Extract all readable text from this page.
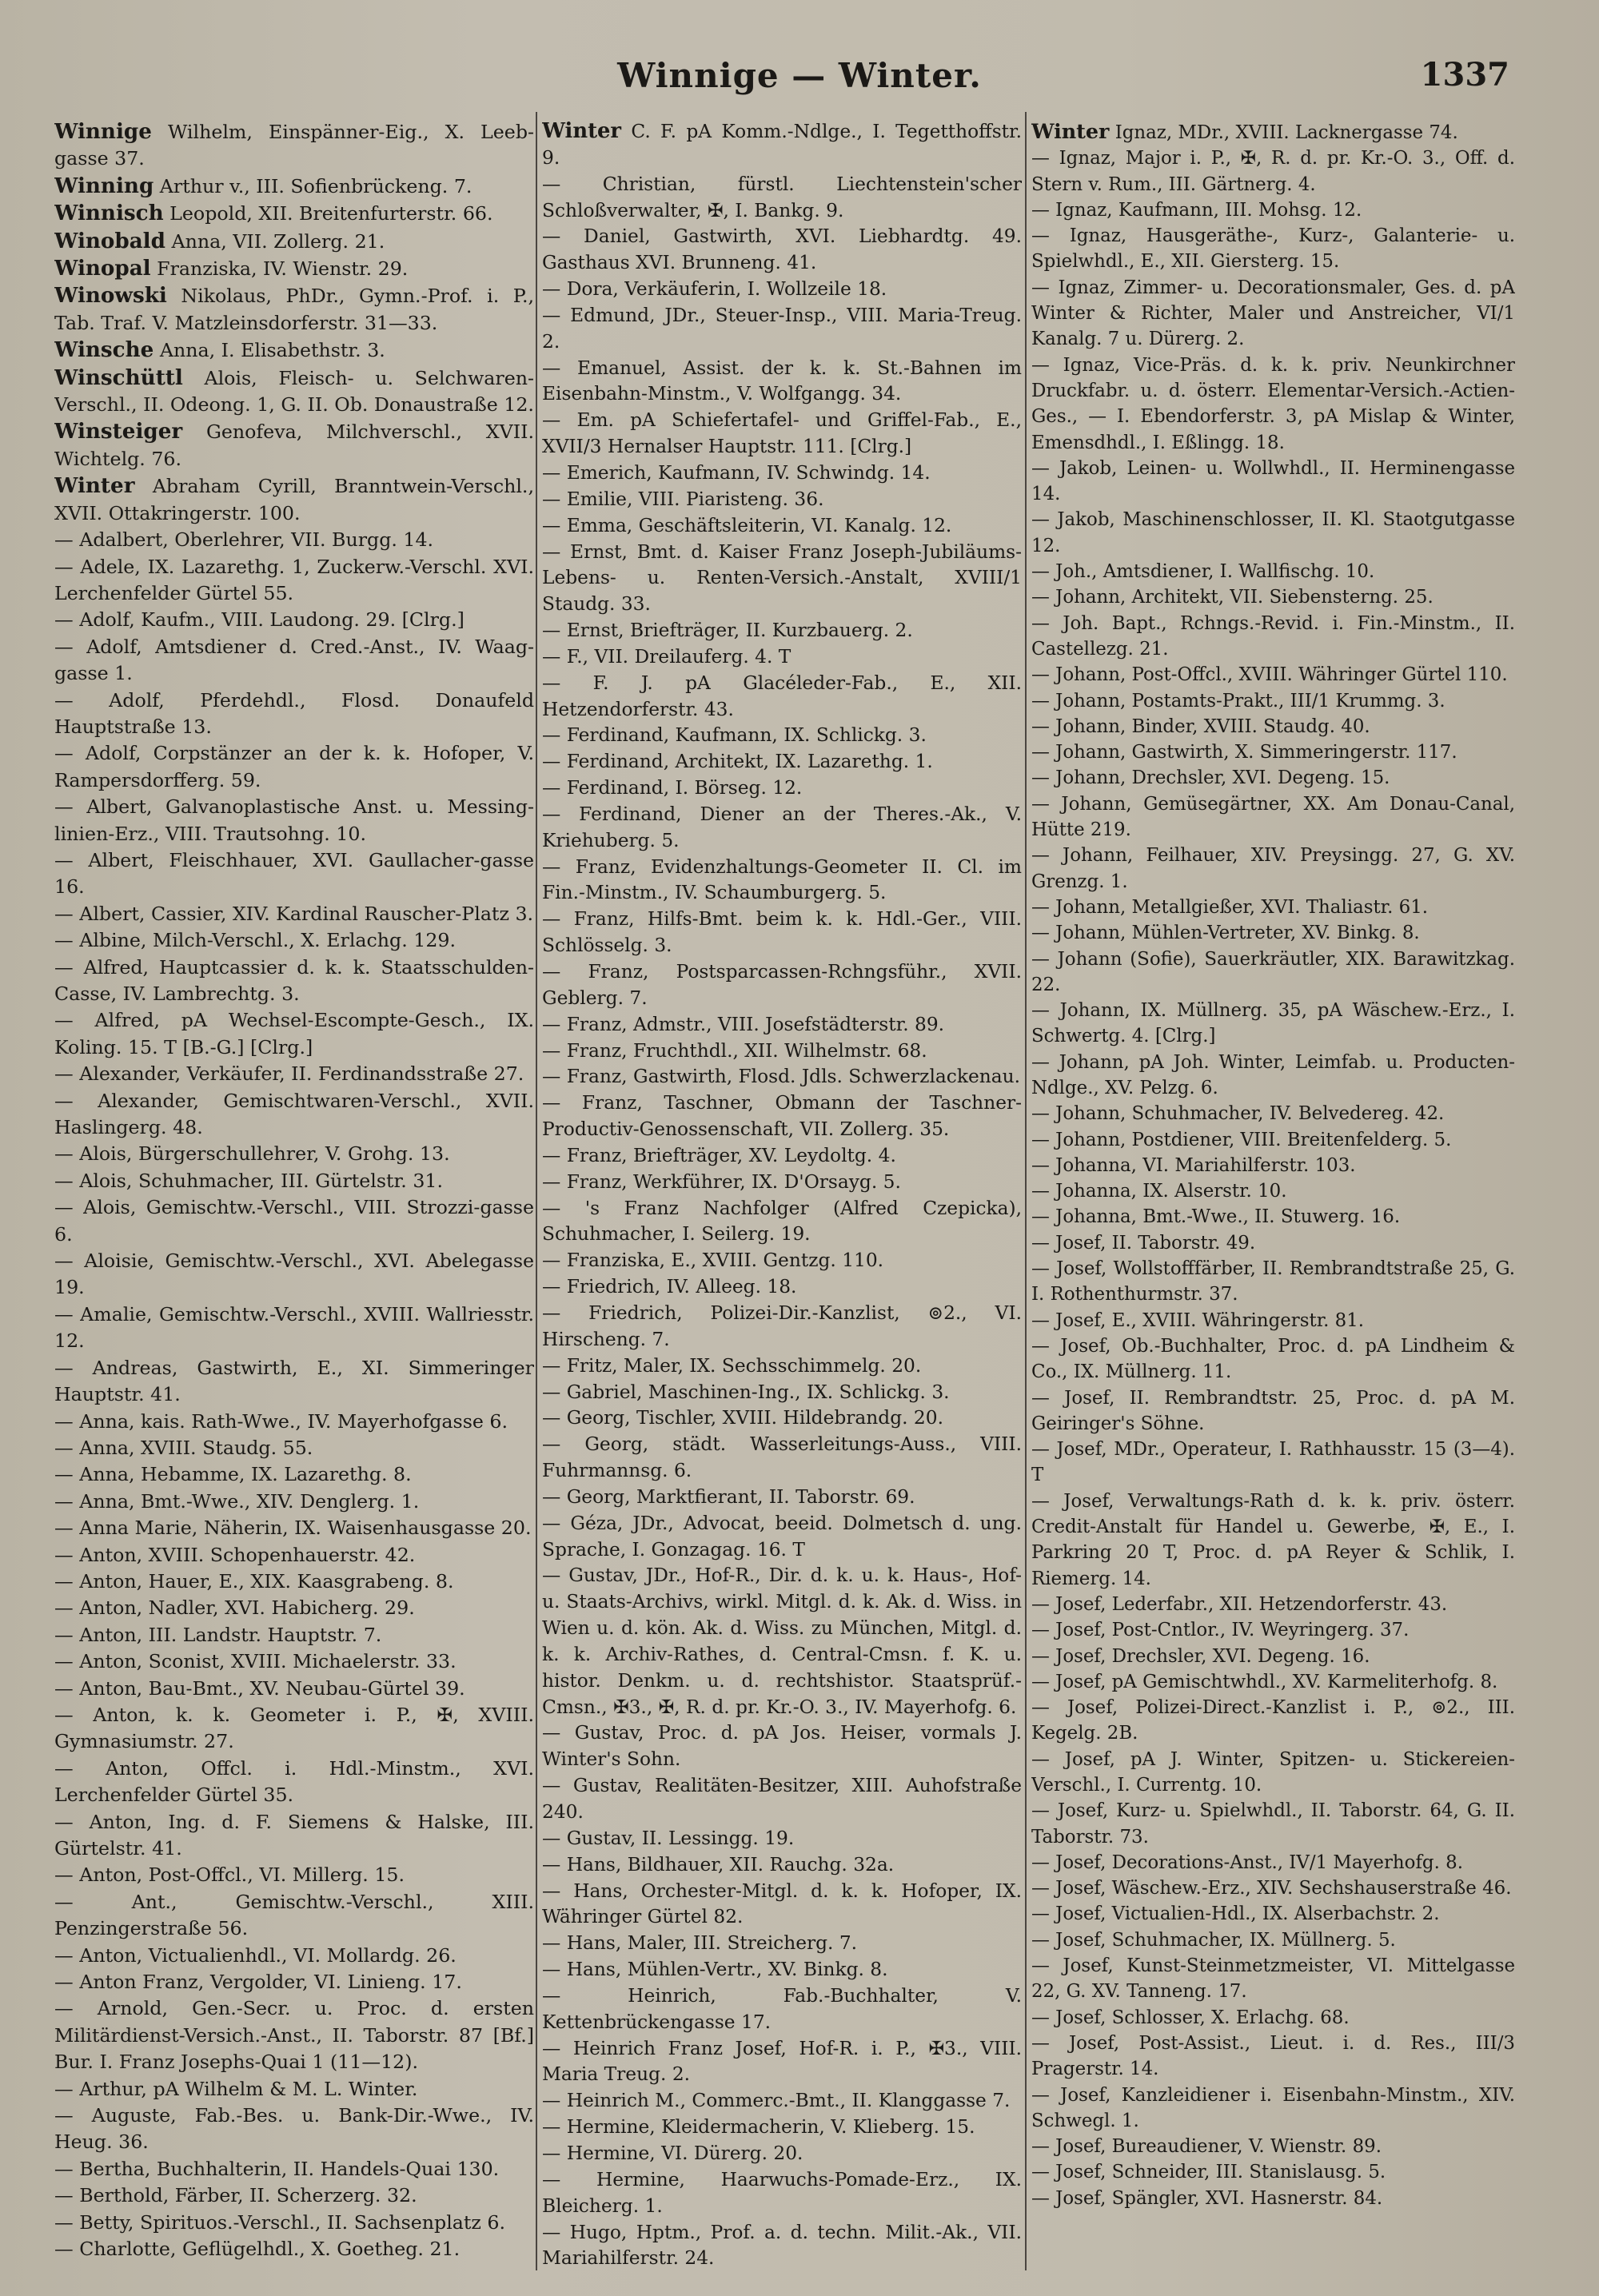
Winnige — Winter.	1337
Winnige Wilhelm, Einspänner-Eig., X. Leeb-gasse 37.
Winning Arthur v., III. Sofienbrückeng. 7.
Winnisch Leopold, XII. Breitenfurterstr. 66.
Winobald Anna, VII. Zollerg. 21.
Winopal Franziska, IV. Wienstr. 29.
Winowski Nikolaus, PhDr., Gymn.-Prof. i. P., Tab. Traf. V. Matzleinsdorferstr. 31—33.
Winsche Anna, I. Elisabethstr. 3.
Winschüttl Alois, Fleisch- u. Selchwaren-Verschl., II. Odeong. 1, G. II. Ob. Donaustraße 12.
Winsteiger Genofeva, Milchverschl., XVII. Wichtelg. 76.
Winter Abraham Cyrill, Branntwein-Verschl., XVII. Ottakringerstr. 100.
— Adalbert, Oberlehrer, VII. Burgg. 14.
— Adele, IX. Lazarethg. 1, Zuckerw.-Verschl. XVI. Lerchenfelder Gürtel 55.
— Adolf, Kaufm., VIII. Laudong. 29. [Clrg.]
— Adolf, Amtsdiener d. Cred.-Anst., IV. Waag-gasse 1.
— Adolf, Pferdehdl., Flosd. Donaufeld Hauptstraße 13.
— Adolf, Corpstänzer an der k. k. Hofoper, V. Rampersdorfferg. 59.
— Albert, Galvanoplastische Anst. u. Messing-linien-Erz., VIII. Trautsohng. 10.
— Albert, Fleischhauer, XVI. Gaullacher-gasse 16.
— Albert, Cassier, XIV. Kardinal Rauscher-Platz 3.
— Albine, Milch-Verschl., X. Erlachg. 129.
— Alfred, Hauptcassier d. k. k. Staatsschulden-Casse, IV. Lambrechtg. 3.
— Alfred, pA Wechsel-Escompte-Gesch., IX. Koling. 15. T [B.-G.] [Clrg.]
— Alexander, Verkäufer, II. Ferdinandsstraße 27.
— Alexander, Gemischtwaren-Verschl., XVII. Haslingerg. 48.
— Alois, Bürgerschullehrer, V. Grohg. 13.
— Alois, Schuhmacher, III. Gürtelstr. 31.
— Alois, Gemischtw.-Verschl., VIII. Strozzi-gasse 6.
— Aloisie, Gemischtw.-Verschl., XVI. Abelegasse 19.
— Amalie, Gemischtw.-Verschl., XVIII. Wallriesstr. 12.
— Andreas, Gastwirth, E., XI. Simmeringer Hauptstr. 41.
— Anna, kais. Rath-Wwe., IV. Mayerhofgasse 6.
— Anna, XVIII. Staudg. 55.
— Anna, Hebamme, IX. Lazarethg. 8.
— Anna, Bmt.-Wwe., XIV. Denglerg. 1.
— Anna Marie, Näherin, IX. Waisenhausgasse 20.
— Anton, XVIII. Schopenhauerstr. 42.
— Anton, Hauer, E., XIX. Kaasgrabeng. 8.
— Anton, Nadler, XVI. Habicherg. 29.
— Anton, III. Landstr. Hauptstr. 7.
— Anton, Sconist, XVIII. Michaelerstr. 33.
— Anton, Bau-Bmt., XV. Neubau-Gürtel 39.
— Anton, k. k. Geometer i. P., ✠, XVIII. Gymnasiumstr. 27.
— Anton, Offcl. i. Hdl.-Minstm., XVI. Lerchenfelder Gürtel 35.
— Anton, Ing. d. F. Siemens & Halske, III. Gürtelstr. 41.
— Anton, Post-Offcl., VI. Millerg. 15.
— Ant., Gemischtw.-Verschl., XIII. Penzingerstraße 56.
— Anton, Victualienhdl., VI. Mollardg. 26.
— Anton Franz, Vergolder, VI. Linieng. 17.
— Arnold, Gen.-Secr. u. Proc. d. ersten Militärdienst-Versich.-Anst., II. Taborstr. 87 [Bf.] Bur. I. Franz Josephs-Quai 1 (11—12).
— Arthur, pA Wilhelm & M. L. Winter.
— Auguste, Fab.-Bes. u. Bank-Dir.-Wwe., IV. Heug. 36.
— Bertha, Buchhalterin, II. Handels-Quai 130.
— Berthold, Färber, II. Scherzerg. 32.
— Betty, Spirituos.-Verschl., II. Sachsenplatz 6.
— Charlotte, Geflügelhdl., X. Goetheg. 21.
Winter C. F. pA Komm.-Ndlge., I. Tegetthoffstr. 9.
— Christian, fürstl. Liechtenstein'scher Schloßverwalter, ✠, I. Bankg. 9.
— Daniel, Gastwirth, XVI. Liebhardtg. 49. Gasthaus XVI. Brunneng. 41.
— Dora, Verkäuferin, I. Wollzeile 18.
— Edmund, JDr., Steuer-Insp., VIII. Maria-Treug. 2.
— Emanuel, Assist. der k. k. St.-Bahnen im Eisenbahn-Minstm., V. Wolfgangg. 34.
— Em. pA Schiefertafel- und Griffel-Fab., E., XVII/3 Hernalser Hauptstr. 111. [Clrg.]
— Emerich, Kaufmann, IV. Schwindg. 14.
— Emilie, VIII. Piaristeng. 36.
— Emma, Geschäftsleiterin, VI. Kanalg. 12.
— Ernst, Bmt. d. Kaiser Franz Joseph-Jubiläums-Lebens- u. Renten-Versich.-Anstalt, XVIII/1 Staudg. 33.
— Ernst, Briefträger, II. Kurzbauerg. 2.
— F., VII. Dreilauferg. 4. T
— F. J. pA Glacéleder-Fab., E., XII. Hetzendorferstr. 43.
— Ferdinand, Kaufmann, IX. Schlickg. 3.
— Ferdinand, Architekt, IX. Lazarethg. 1.
— Ferdinand, I. Börseg. 12.
— Ferdinand, Diener an der Theres.-Ak., V. Kriehuberg. 5.
— Franz, Evidenzhaltungs-Geometer II. Cl. im Fin.-Minstm., IV. Schaumburgerg. 5.
— Franz, Hilfs-Bmt. beim k. k. Hdl.-Ger., VIII. Schlösselg. 3.
— Franz, Postsparcassen-Rchngsführ., XVII. Geblerg. 7.
— Franz, Admstr., VIII. Josefstädterstr. 89.
— Franz, Fruchthdl., XII. Wilhelmstr. 68.
— Franz, Gastwirth, Flosd. Jdls. Schwerzlackenau.
— Franz, Taschner, Obmann der Taschner-Productiv-Genossenschaft, VII. Zollerg. 35.
— Franz, Briefträger, XV. Leydoltg. 4.
— Franz, Werkführer, IX. D'Orsayg. 5.
— 's Franz Nachfolger (Alfred Czepicka), Schuhmacher, I. Seilerg. 19.
— Franziska, E., XVIII. Gentzg. 110.
— Friedrich, IV. Alleeg. 18.
— Friedrich, Polizei-Dir.-Kanzlist, ⊚2., VI. Hirscheng. 7.
— Fritz, Maler, IX. Sechsschimmelg. 20.
— Gabriel, Maschinen-Ing., IX. Schlickg. 3.
— Georg, Tischler, XVIII. Hildebrandg. 20.
— Georg, städt. Wasserleitungs-Auss., VIII. Fuhrmannsg. 6.
— Georg, Marktfierant, II. Taborstr. 69.
— Géza, JDr., Advocat, beeid. Dolmetsch d. ung. Sprache, I. Gonzagag. 16. T
— Gustav, JDr., Hof-R., Dir. d. k. u. k. Haus-, Hof- u. Staats-Archivs, wirkl. Mitgl. d. k. Ak. d. Wiss. in Wien u. d. kön. Ak. d. Wiss. zu München, Mitgl. d. k. k. Archiv-Rathes, d. Central-Cmsn. f. K. u. histor. Denkm. u. d. rechtshistor. Staatsprüf.-Cmsn., ✠3., ✠, R. d. pr. Kr.-O. 3., IV. Mayerhofg. 6.
— Gustav, Proc. d. pA Jos. Heiser, vormals J. Winter's Sohn.
— Gustav, Realitäten-Besitzer, XIII. Auhofstraße 240.
— Gustav, II. Lessingg. 19.
— Hans, Bildhauer, XII. Rauchg. 32a.
— Hans, Orchester-Mitgl. d. k. k. Hofoper, IX. Währinger Gürtel 82.
— Hans, Maler, III. Streicherg. 7.
— Hans, Mühlen-Vertr., XV. Binkg. 8.
— Heinrich, Fab.-Buchhalter, V. Kettenbrückengasse 17.
— Heinrich Franz Josef, Hof-R. i. P., ✠3., VIII. Maria Treug. 2.
— Heinrich M., Commerc.-Bmt., II. Klanggasse 7.
— Hermine, Kleidermacherin, V. Klieberg. 15.
— Hermine, VI. Dürerg. 20.
— Hermine, Haarwuchs-Pomade-Erz., IX. Bleicherg. 1.
— Hugo, Hptm., Prof. a. d. techn. Milit.-Ak., VII. Mariahilferstr. 24.
Winter Ignaz, MDr., XVIII. Lacknergasse 74.
— Ignaz, Major i. P., ✠, R. d. pr. Kr.-O. 3., Off. d. Stern v. Rum., III. Gärtnerg. 4.
— Ignaz, Kaufmann, III. Mohsg. 12.
— Ignaz, Hausgeräthe-, Kurz-, Galanterie- u. Spielwhdl., E., XII. Giersterg. 15.
— Ignaz, Zimmer- u. Decorationsmaler, Ges. d. pA Winter & Richter, Maler und Anstreicher, VI/1 Kanalg. 7 u. Dürerg. 2.
— Ignaz, Vice-Präs. d. k. k. priv. Neunkirchner Druckfabr. u. d. österr. Elementar-Versich.-Actien-Ges., — I. Ebendorferstr. 3, pA Mislap & Winter, Emensdhdl., I. Eßlingg. 18.
— Jakob, Leinen- u. Wollwhdl., II. Herminengasse 14.
— Jakob, Maschinenschlosser, II. Kl. Staotgutgasse 12.
— Joh., Amtsdiener, I. Wallfischg. 10.
— Johann, Architekt, VII. Siebensterng. 25.
— Joh. Bapt., Rchngs.-Revid. i. Fin.-Minstm., II. Castellezg. 21.
— Johann, Post-Offcl., XVIII. Währinger Gürtel 110.
— Johann, Postamts-Prakt., III/1 Krummg. 3.
— Johann, Binder, XVIII. Staudg. 40.
— Johann, Gastwirth, X. Simmeringerstr. 117.
— Johann, Drechsler, XVI. Degeng. 15.
— Johann, Gemüsegärtner, XX. Am Donau-Canal, Hütte 219.
— Johann, Feilhauer, XIV. Preysingg. 27, G. XV. Grenzg. 1.
— Johann, Metallgießer, XVI. Thaliastr. 61.
— Johann, Mühlen-Vertreter, XV. Binkg. 8.
— Johann (Sofie), Sauerkräutler, XIX. Barawitzkag. 22.
— Johann, IX. Müllnerg. 35, pA Wäschew.-Erz., I. Schwertg. 4. [Clrg.]
— Johann, pA Joh. Winter, Leimfab. u. Producten-Ndlge., XV. Pelzg. 6.
— Johann, Schuhmacher, IV. Belvedereg. 42.
— Johann, Postdiener, VIII. Breitenfelderg. 5.
— Johanna, VI. Mariahilferstr. 103.
— Johanna, IX. Alserstr. 10.
— Johanna, Bmt.-Wwe., II. Stuwerg. 16.
— Josef, II. Taborstr. 49.
— Josef, Wollstofffärber, II. Rembrandtstraße 25, G. I. Rothenthurmstr. 37.
— Josef, E., XVIII. Währingerstr. 81.
— Josef, Ob.-Buchhalter, Proc. d. pA Lindheim & Co., IX. Müllnerg. 11.
— Josef, II. Rembrandtstr. 25, Proc. d. pA M. Geiringer's Söhne.
— Josef, MDr., Operateur, I. Rathhausstr. 15 (3—4). T
— Josef, Verwaltungs-Rath d. k. k. priv. österr. Credit-Anstalt für Handel u. Gewerbe, ✠, E., I. Parkring 20 T, Proc. d. pA Reyer & Schlik, I. Riemerg. 14.
— Josef, Lederfabr., XII. Hetzendorferstr. 43.
— Josef, Post-Cntlor., IV. Weyringerg. 37.
— Josef, Drechsler, XVI. Degeng. 16.
— Josef, pA Gemischtwhdl., XV. Karmeliterhofg. 8.
— Josef, Polizei-Direct.-Kanzlist i. P., ⊚2., III. Kegelg. 2B.
— Josef, pA J. Winter, Spitzen- u. Stickereien-Verschl., I. Currentg. 10.
— Josef, Kurz- u. Spielwhdl., II. Taborstr. 64, G. II. Taborstr. 73.
— Josef, Decorations-Anst., IV/1 Mayerhofg. 8.
— Josef, Wäschew.-Erz., XIV. Sechshauserstraße 46.
— Josef, Victualien-Hdl., IX. Alserbachstr. 2.
— Josef, Schuhmacher, IX. Müllnerg. 5.
— Josef, Kunst-Steinmetzmeister, VI. Mittelgasse 22, G. XV. Tanneng. 17.
— Josef, Schlosser, X. Erlachg. 68.
— Josef, Post-Assist., Lieut. i. d. Res., III/3 Pragerstr. 14.
— Josef, Kanzleidiener i. Eisenbahn-Minstm., XIV. Schwegl. 1.
— Josef, Bureaudiener, V. Wienstr. 89.
— Josef, Schneider, III. Stanislausg. 5.
— Josef, Spängler, XVI. Hasnerstr. 84.
